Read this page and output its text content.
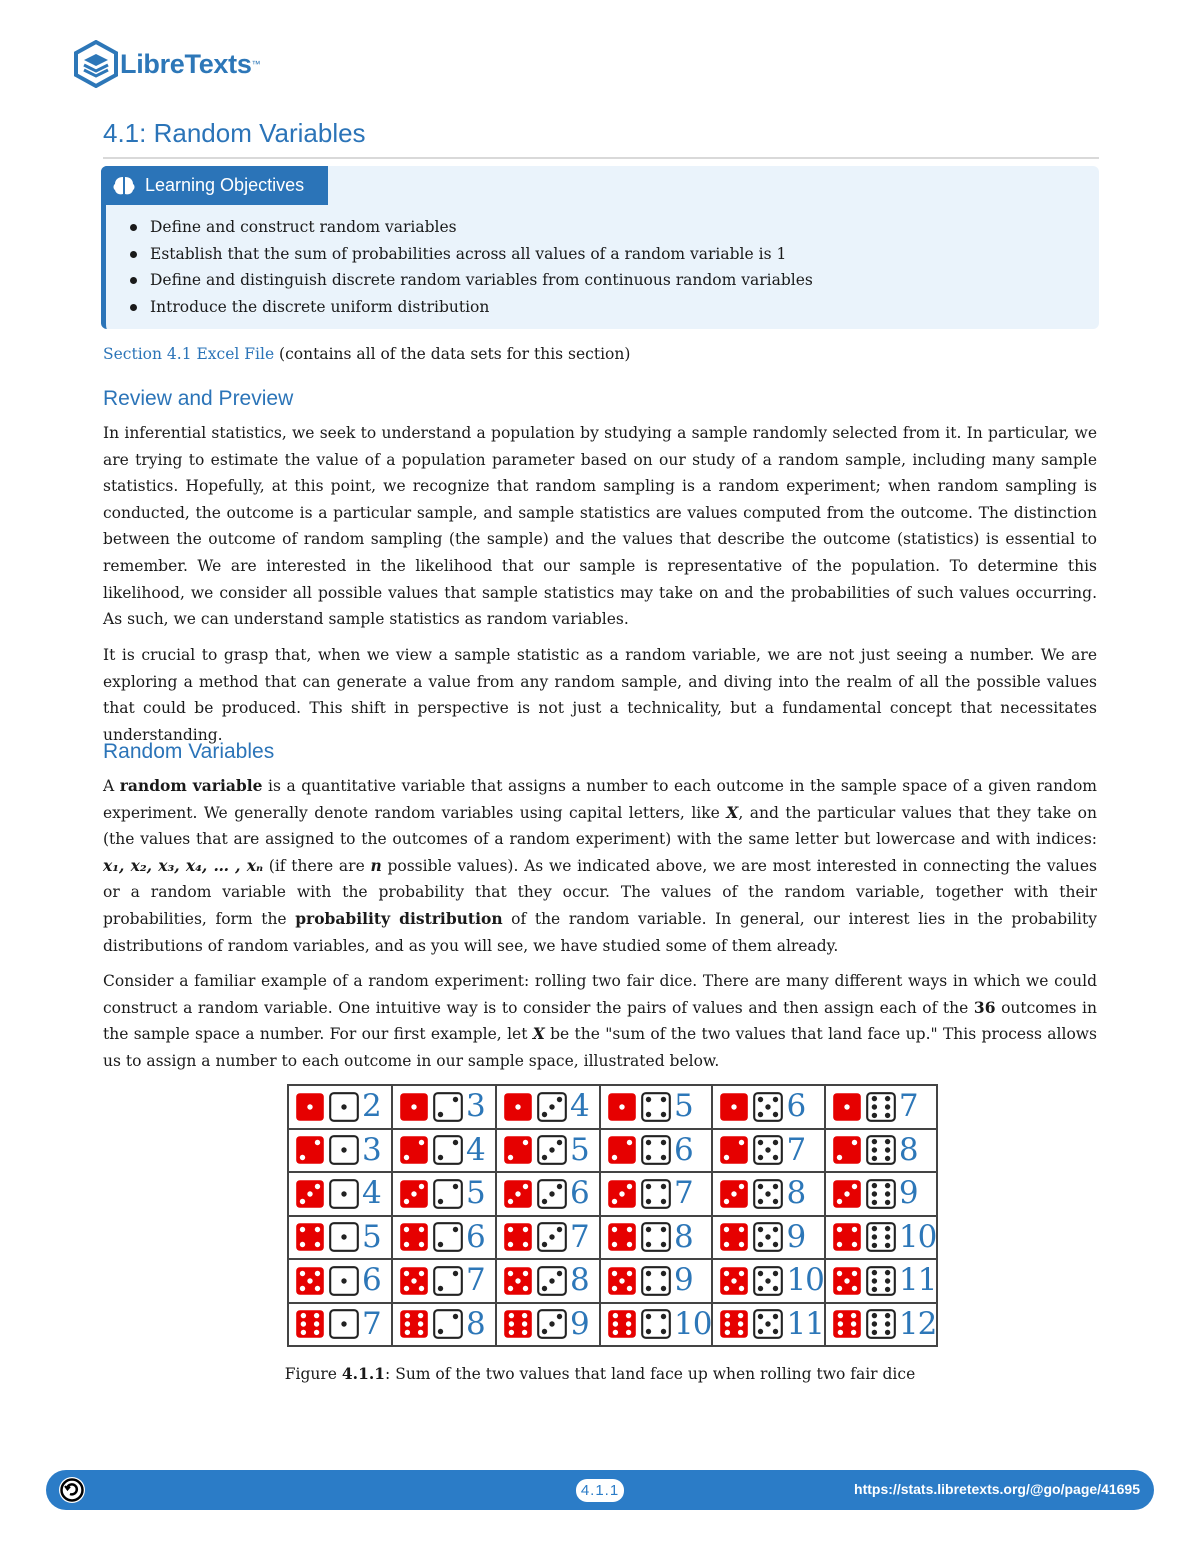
LibreTexts ™
4.1: Random Variables
Learning Objectives
Define and construct random variables
Establish that the sum of probabilities across all values of a random variable is 1
Define and distinguish discrete random variables from continuous random variables
Introduce the discrete uniform distribution
Section 4.1 Excel File (contains all of the data sets for this section)
Review and Preview

In inferential statistics, we seek to understand a population by studying a sample randomly selected from it. In particular, we are trying to estimate the value of a population parameter based on our study of a random sample, including many sample statistics. Hopefully, at this point, we recognize that random sampling is a random experiment; when random sampling is conducted, the outcome is a particular sample, and sample statistics are values computed from the outcome. The distinction between the outcome of random sampling (the sample) and the values that describe the outcome (statistics) is essential to remember. We are interested in the likelihood that our sample is representative of the population. To determine this likelihood, we consider all possible values that sample statistics may take on and the probabilities of such values occurring. As such, we can understand sample statistics as random variables.

It is crucial to grasp that, when we view a sample statistic as a random variable, we are not just seeing a number. We are exploring a method that can generate a value from any random sample, and diving into the realm of all the possible values that could be produced. This shift in perspective is not just a technicality, but a fundamental concept that necessitates understanding.

Random Variables

A random variable is a quantitative variable that assigns a number to each outcome in the sample space of a given random experiment. We generally denote random variables using capital letters, like X, and the particular values that they take on (the values that are assigned to the outcomes of a random experiment) with the same letter but lowercase and with indices: x₁, x₂, x₃, x₄, … , xₙ (if there are n possible values). As we indicated above, we are most interested in connecting the values or a random variable with the probability that they occur. The values of the random variable, together with their probabilities, form the probability distribution of the random variable. In general, our interest lies in the probability distributions of random variables, and as you will see, we have studied some of them already.

Consider a familiar example of a random experiment: rolling two fair dice. There are many different ways in which we could construct a random variable. One intuitive way is to consider the pairs of values and then assign each of the 36 outcomes in the sample space a number. For our first example, let X be the "sum of the two values that land face up." This process allows us to assign a number to each outcome in our sample space, illustrated below.

2	3	4	5	6	7

3	4	5	6	7	8

4	5	6	7	8	9

5	6	7	8	9	10

6	7	8	9	10	11

7	8	9	10	11	12
Figure 4.1.1: Sum of the two values that land face up when rolling two fair dice
4.1.1	https://stats.libretexts.org/@go/page/41695
